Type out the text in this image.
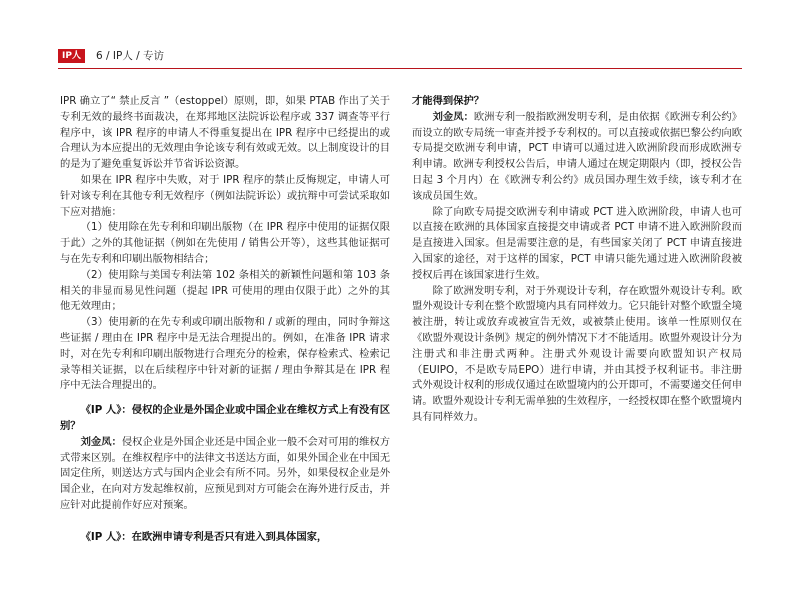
IP人	6 / IP人 / 专访

IPR 确立了“ 禁止反言 ”（estoppel）原则，即，如果 PTAB 作出了关于专利无效的最终书面裁决，在郑邦地区法院诉讼程序或 337 调查等平行程序中，该 IPR 程序的申请人不得重复提出在 IPR 程序中已经提出的或合理认为本应提出的无效理由争论该专利有效或无效。以上制度设计的目的是为了避免重复诉讼并节省诉讼资源。

如果在 IPR 程序中失败，对于 IPR 程序的禁止反悔规定，申请人可针对该专利在其他专利无效程序（例如法院诉讼）或抗辩中可尝试采取如下应对措施：

（1）使用除在先专利和印刷出版物（在 IPR 程序中使用的证据仅限于此）之外的其他证据（例如在先使用 / 销售公开等），这些其他证据可与在先专利和印刷出版物相结合；

（2）使用除与美国专利法第 102 条相关的新颖性问题和第 103 条相关的非显而易见性问题（提起 IPR 可使用的理由仅限于此）之外的其他无效理由；

（3）使用新的在先专利或印刷出版物和 / 或新的理由，同时争辩这些证据 / 理由在 IPR 程序中是无法合理提出的。例如，在准备 IPR 请求时，对在先专利和印刷出版物进行合理充分的检索，保存检索式、检索记录等相关证据，以在后续程序中针对新的证据 / 理由争辩其是在 IPR 程序中无法合理提出的。

《IP 人》：侵权的企业是外国企业或中国企业在维权方式上有没有区别？

刘金凤：侵权企业是外国企业还是中国企业一般不会对可用的维权方式带来区别。在维权程序中的法律文书送达方面，如果外国企业在中国无固定住所，则送达方式与国内企业会有所不同。另外，如果侵权企业是外国企业，在向对方发起维权前，应预见到对方可能会在海外进行反击，并应针对此提前作好应对预案。

《IP 人》：在欧洲申请专利是否只有进入到具体国家，

才能得到保护？

刘金凤：欧洲专利一般指欧洲发明专利，是由依据《欧洲专利公约》而设立的欧专局统一审查并授予专利权的。可以直接或依据巴黎公约向欧专局提交欧洲专利申请，PCT 申请可以通过进入欧洲阶段而形成欧洲专利申请。欧洲专利授权公告后，申请人通过在规定期限内（即，授权公告日起 3 个月内）在《欧洲专利公约》成员国办理生效手续，该专利才在该成员国生效。

除了向欧专局提交欧洲专利申请或 PCT 进入欧洲阶段，申请人也可以直接在欧洲的具体国家直接提交申请或者 PCT 申请不进入欧洲阶段而是直接进入国家。但是需要注意的是，有些国家关闭了 PCT 申请直接进入国家的途径，对于这样的国家，PCT 申请只能先通过进入欧洲阶段被授权后再在该国家进行生效。

除了欧洲发明专利，对于外观设计专利，存在欧盟外观设计专利。欧盟外观设计专利在整个欧盟境内具有同样效力。它只能针对整个欧盟全境被注册，转让或放弃或被宣告无效，或被禁止使用。该单一性原则仅在《欧盟外观设计条例》规定的例外情况下才不能适用。欧盟外观设计分为注册式和非注册式两种。注册式外观设计需要向欧盟知识产权局（EUIPO，不是欧专局EPO）进行申请，并由其授予权利证书。非注册式外观设计权利的形成仅通过在欧盟境内的公开即可，不需要递交任何申请。欧盟外观设计专利无需单独的生效程序，一经授权即在整个欧盟境内具有同样效力。
